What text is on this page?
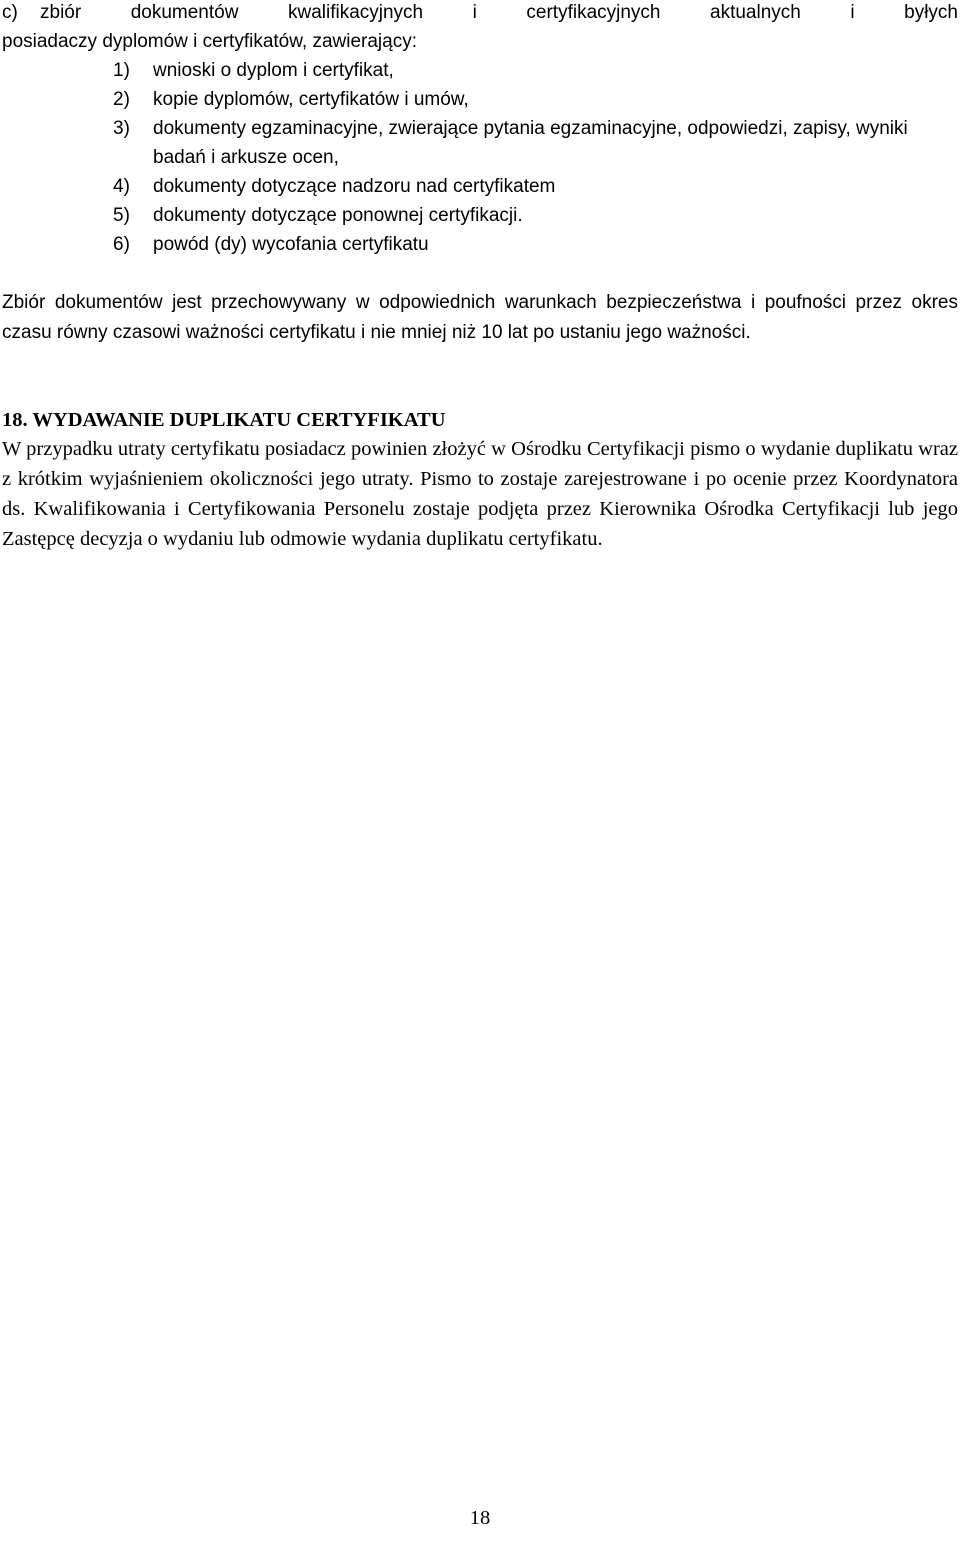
c) zbiór dokumentów kwalifikacyjnych i certyfikacyjnych aktualnych i byłych
posiadaczy dyplomów i certyfikatów, zawierający:
1) wnioski o dyplom i certyfikat,
2) kopie dyplomów, certyfikatów i umów,
3) dokumenty egzaminacyjne, zwierające pytania egzaminacyjne, odpowiedzi, zapisy, wyniki badań i arkusze ocen,
4) dokumenty dotyczące nadzoru nad certyfikatem
5) dokumenty dotyczące ponownej certyfikacji.
6) powód (dy) wycofania certyfikatu

Zbiór dokumentów jest przechowywany w odpowiednich warunkach bezpieczeństwa i poufności przez okres czasu równy czasowi ważności certyfikatu i nie mniej niż 10 lat po ustaniu jego ważności.

18. WYDAWANIE DUPLIKATU CERTYFIKATU

W przypadku utraty certyfikatu posiadacz powinien złożyć w Ośrodku Certyfikacji pismo o wydanie duplikatu wraz z krótkim wyjaśnieniem okoliczności jego utraty. Pismo to zostaje zarejestrowane i po ocenie przez Koordynatora ds. Kwalifikowania i Certyfikowania Personelu zostaje podjęta przez Kierownika Ośrodka Certyfikacji lub jego Zastępcę decyzja o wydaniu lub odmowie wydania duplikatu certyfikatu.

18
